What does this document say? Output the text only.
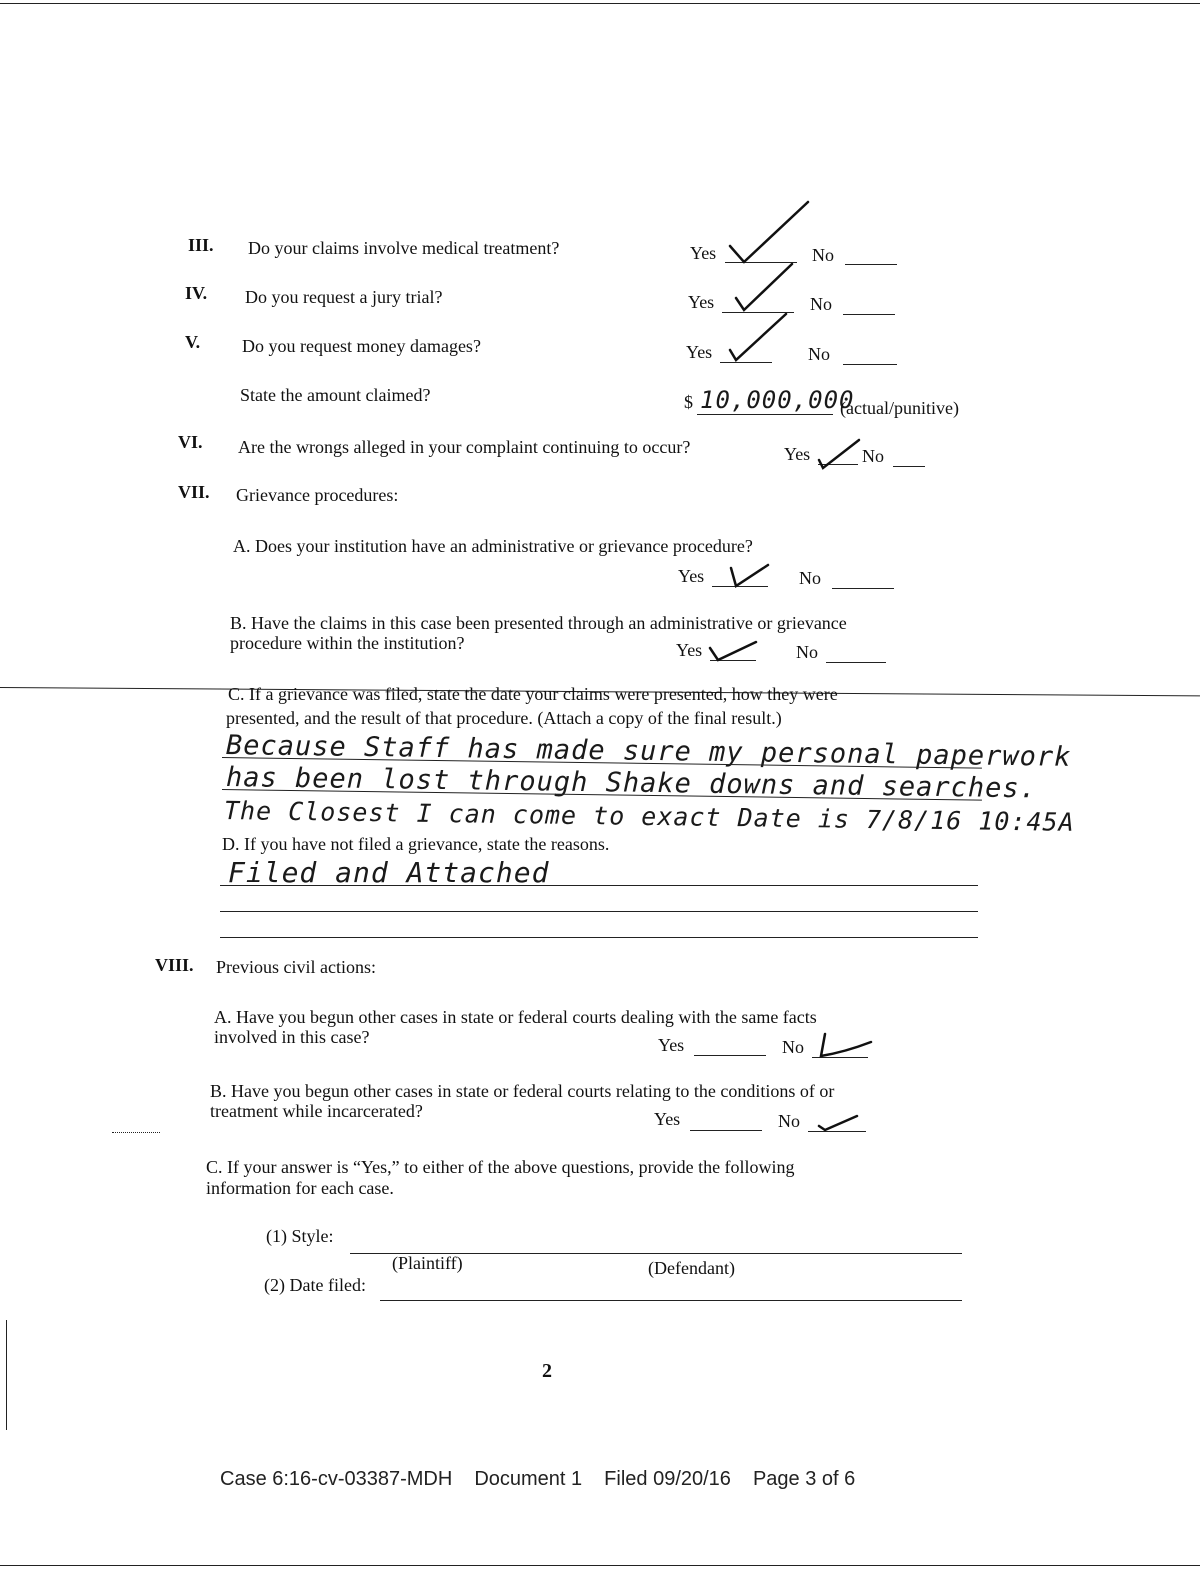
III. Do your claims involve medical treatment?	Yes	No
IV. Do you request a jury trial?	Yes	No
V. Do you request money damages?	Yes	No
State the amount claimed?	$ 10,000,000
(actual/punitive)
VI. Are the wrongs alleged in your complaint continuing to occur?	Yes	No
VII. Grievance procedures:
A. Does your institution have an administrative or grievance procedure?
Yes	No
B. Have the claims in this case been presented through an administrative or grievance
procedure within the institution?	Yes	No
C. If a grievance was filed, state the date your claims were presented, how they were
presented, and the result of that procedure. (Attach a copy of the final result.)
Because Staff has made sure my personal paperwork
has been lost through Shake downs and searches.
The Closest I can come to exact Date is 7/8/16 10:45A
D. If you have not filed a grievance, state the reasons.
Filed and Attached
VIII. Previous civil actions:
A. Have you begun other cases in state or federal courts dealing with the same facts
involved in this case?	Yes	No
B. Have you begun other cases in state or federal courts relating to the conditions of or
treatment while incarcerated?	Yes	No
C. If your answer is “Yes,” to either of the above questions, provide the following
information for each case.
(1) Style:
(Plaintiff)	(Defendant)
(2) Date filed:
2
Case 6:16-cv-03387-MDH Document 1 Filed 09/20/16 Page 3 of 6
